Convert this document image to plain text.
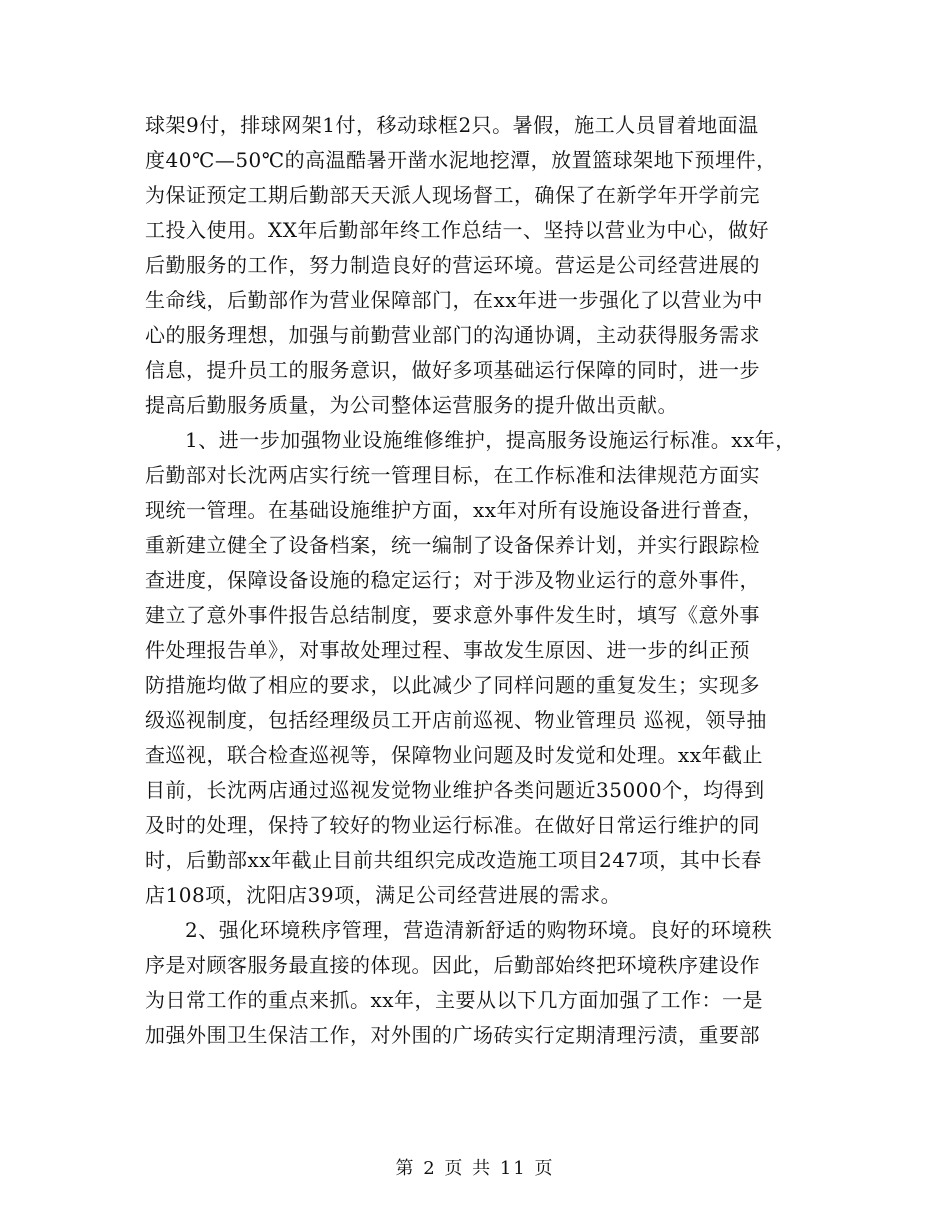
球架9付，排球网架1付，移动球框2只。暑假，施工人员冒着地面温
度40℃—50℃的高温酷暑开凿水泥地挖潭，放置篮球架地下预埋件，
为保证预定工期后勤部天天派人现场督工，确保了在新学年开学前完
工投入使用。XX年后勤部年终工作总结一、坚持以营业为中心，做好
后勤服务的工作，努力制造良好的营运环境。营运是公司经营进展的
生命线，后勤部作为营业保障部门，在xx年进一步强化了以营业为中
心的服务理想，加强与前勤营业部门的沟通协调，主动获得服务需求
信息，提升员工的服务意识，做好多项基础运行保障的同时，进一步
提高后勤服务质量，为公司整体运营服务的提升做出贡献。
1、进一步加强物业设施维修维护，提高服务设施运行标准。xx年，
后勤部对长沈两店实行统一管理目标，在工作标准和法律规范方面实
现统一管理。在基础设施维护方面，xx年对所有设施设备进行普查，
重新建立健全了设备档案，统一编制了设备保养计划，并实行跟踪检
查进度，保障设备设施的稳定运行；对于涉及物业运行的意外事件，
建立了意外事件报告总结制度，要求意外事件发生时，填写《意外事
件处理报告单》，对事故处理过程、事故发生原因、进一步的纠正预
防措施均做了相应的要求，以此减少了同样问题的重复发生；实现多
级巡视制度，包括经理级员工开店前巡视、物业管理员 巡视，领导抽
查巡视，联合检查巡视等，保障物业问题及时发觉和处理。xx年截止
目前，长沈两店通过巡视发觉物业维护各类问题近35000个，均得到
及时的处理，保持了较好的物业运行标准。在做好日常运行维护的同
时，后勤部xx年截止目前共组织完成改造施工项目247项，其中长春
店108项，沈阳店39项，满足公司经营进展的需求。
2、强化环境秩序管理，营造清新舒适的购物环境。良好的环境秩
序是对顾客服务最直接的体现。因此，后勤部始终把环境秩序建设作
为日常工作的重点来抓。xx年，主要从以下几方面加强了工作：一是
加强外围卫生保洁工作，对外围的广场砖实行定期清理污渍，重要部
第 2 页 共 11 页
